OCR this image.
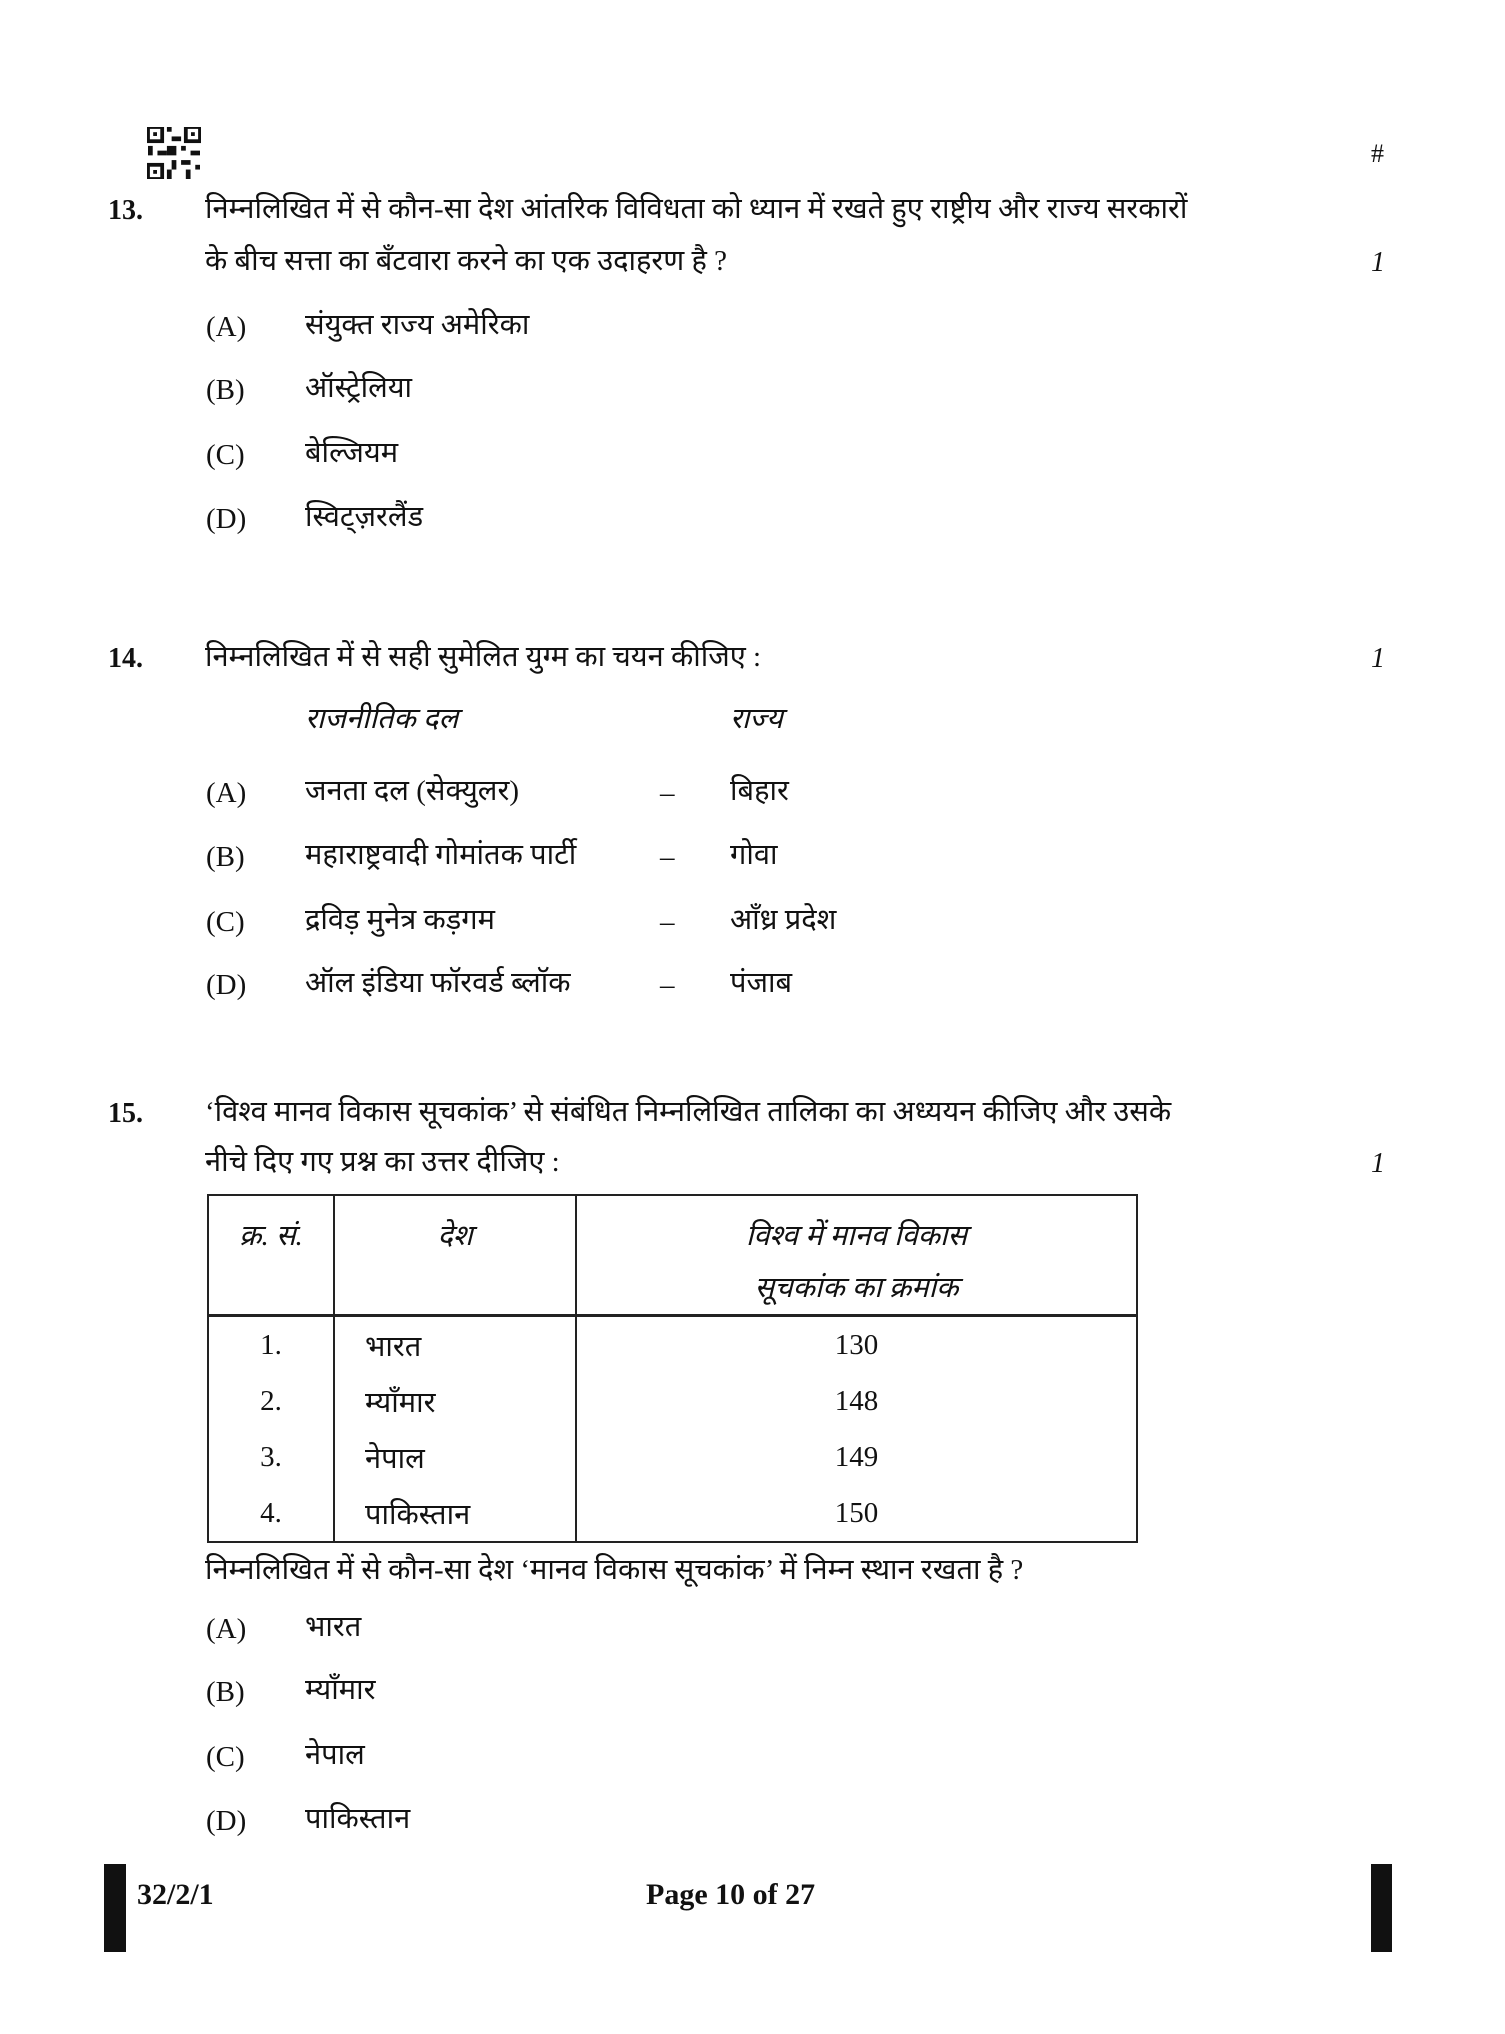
#
13. निम्नलिखित में से कौन-सा देश आंतरिक विविधता को ध्यान में रखते हुए राष्ट्रीय और राज्य सरकारों
के बीच सत्ता का बँटवारा करने का एक उदाहरण है ?	1
(A) संयुक्त राज्य अमेरिका
(B) ऑस्ट्रेलिया
(C) बेल्जियम
(D) स्विट्ज़रलैंड
14. निम्नलिखित में से सही सुमेलित युग्म का चयन कीजिए :	1
राजनीतिक दल	राज्य
(A) जनता दल (सेक्युलर)	– बिहार
(B) महाराष्ट्रवादी गोमांतक पार्टी	– गोवा
(C) द्रविड़ मुनेत्र कड़गम	– आँध्र प्रदेश
(D) ऑल इंडिया फॉरवर्ड ब्लॉक	– पंजाब
15. ‘विश्व मानव विकास सूचकांक’ से संबंधित निम्नलिखित तालिका का अध्ययन कीजिए और उसके
नीचे दिए गए प्रश्न का उत्तर दीजिए :	1
क्र. सं.	देश	विश्व में मानव विकास
सूचकांक का क्रमांक

1.	भारत	130
2.	म्याँमार	148
3.	नेपाल	149
4.	पाकिस्तान	150
निम्नलिखित में से कौन-सा देश ‘मानव विकास सूचकांक’ में निम्न स्थान रखता है ?
(A) भारत
(B) म्याँमार
(C) नेपाल
(D) पाकिस्तान
32/2/1	Page 10 of 27
